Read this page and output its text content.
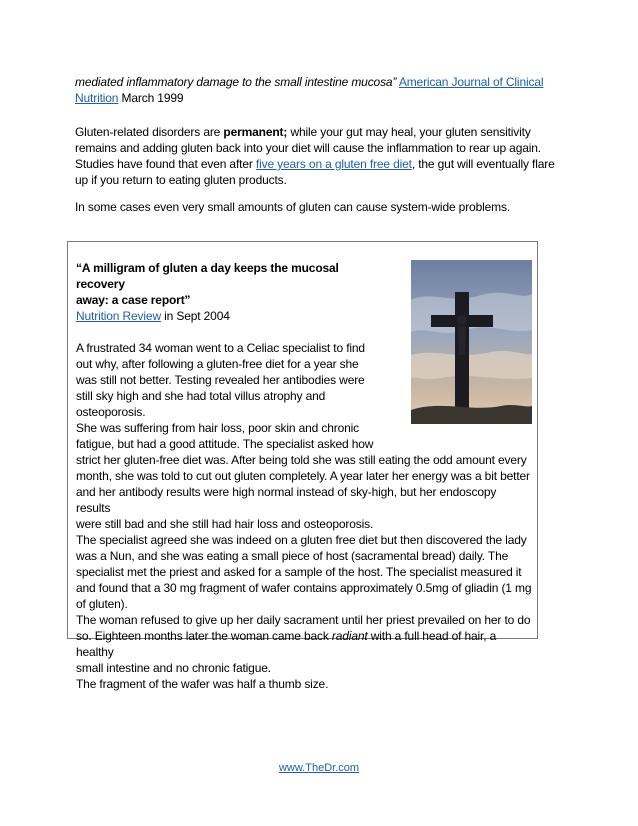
mediated inflammatory damage to the small intestine mucosa” American Journal of Clinical Nutrition March 1999
Gluten-related disorders are permanent; while your gut may heal, your gluten sensitivity remains and adding gluten back into your diet will cause the inflammation to rear up again. Studies have found that even after five years on a gluten free diet, the gut will eventually flare up if you return to eating gluten products.
In some cases even very small amounts of gluten can cause system-wide problems.
“A milligram of gluten a day keeps the mucosal recovery
away: a case report”
Nutrition Review in Sept 2004
A frustrated 34 woman went to a Celiac specialist to find
out why, after following a gluten-free diet for a year she
was still not better. Testing revealed her antibodies were
still sky high and she had total villus atrophy and
osteoporosis.
She was suffering from hair loss, poor skin and chronic
fatigue, but had a good attitude. The specialist asked how
strict her gluten-free diet was. After being told she was still eating the odd amount every
month, she was told to cut out gluten completely. A year later her energy was a bit better
and her antibody results were high normal instead of sky-high, but her endoscopy results
were still bad and she still had hair loss and osteoporosis.
The specialist agreed she was indeed on a gluten free diet but then discovered the lady
was a Nun, and she was eating a small piece of host (sacramental bread) daily. The
specialist met the priest and asked for a sample of the host. The specialist measured it
and found that a 30 mg fragment of wafer contains approximately 0.5mg of gliadin (1 mg
of gluten).
The woman refused to give up her daily sacrament until her priest prevailed on her to do
so. Eighteen months later the woman came back radiant with a full head of hair, a healthy
small intestine and no chronic fatigue.
The fragment of the wafer was half a thumb size.
www.TheDr.com
